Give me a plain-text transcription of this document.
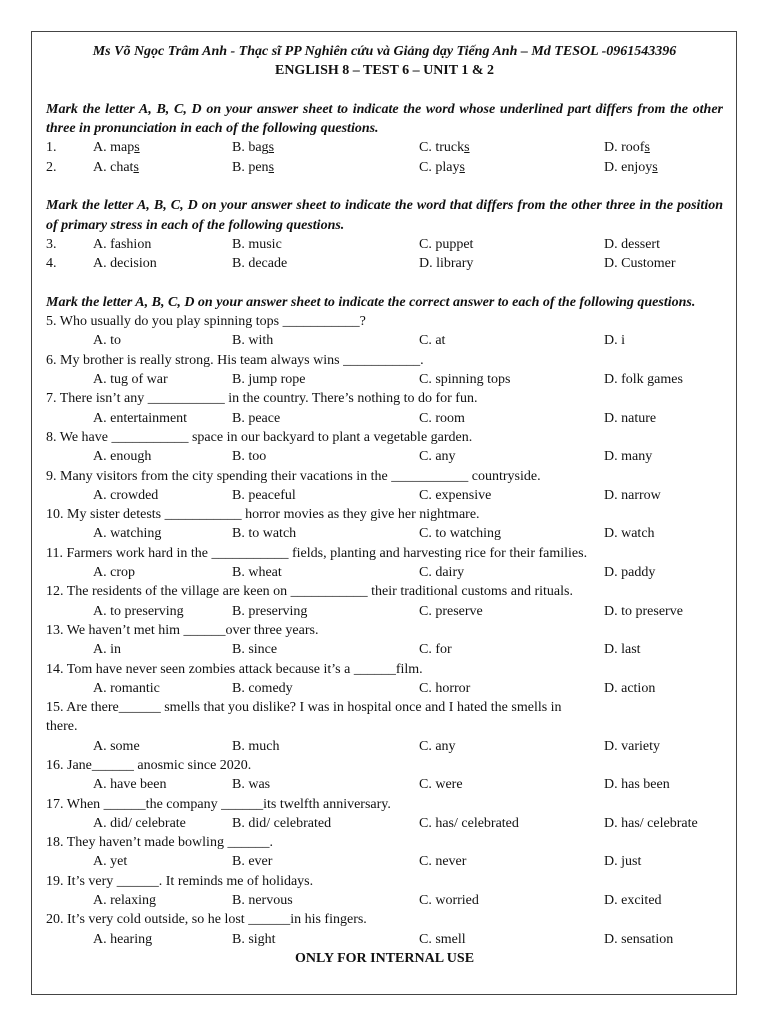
Ms Võ Ngọc Trâm Anh - Thạc sĩ PP Nghiên cứu và Giảng dạy Tiếng Anh – Md TESOL -0961543396
ENGLISH 8 – TEST 6 – UNIT 1 & 2
Mark the letter A, B, C, D on your answer sheet to indicate the word whose underlined part differs from the other three in pronunciation in each of the following questions.
1.	A. maps	B. bags	C. trucks	D. roofs
2.	A. chats	B. pens	C. plays	D. enjoys
Mark the letter A, B, C, D on your answer sheet to indicate the word that differs from the other three in the position of primary stress in each of the following questions.
3.	A. fashion	B. music	C. puppet	D. dessert
4.	A. decision	B. decade	D. library	D. Customer
Mark the letter A, B, C, D on your answer sheet to indicate the correct answer to each of the following questions.
5. Who usually do you play spinning tops ___________?
A. to	B. with	C. at	D. i
6. My brother is really strong. His team always wins ___________.
A. tug of war	B. jump rope	C. spinning tops	D. folk games
7. There isn’t any ___________ in the country. There’s nothing to do for fun.
A. entertainment	B. peace	C. room	D. nature
8. We have ___________ space in our backyard to plant a vegetable garden.
A. enough	B. too	C. any	D. many
9. Many visitors from the city spending their vacations in the ___________ countryside.
A. crowded	B. peaceful	C. expensive	D. narrow
10. My sister detests ___________ horror movies as they give her nightmare.
A. watching	B. to watch	C. to watching	D. watch
11. Farmers work hard in the ___________ fields, planting and harvesting rice for their families.
A. crop	B. wheat	C. dairy	D. paddy
12. The residents of the village are keen on ___________ their traditional customs and rituals.
A. to preserving	B. preserving	C. preserve	D. to preserve
13. We haven’t met him ______over three years.
A. in	B. since	C. for	D. last
14. Tom have never seen zombies attack because it’s a ______film.
A. romantic	B. comedy	C. horror	D. action
15. Are there______ smells that you dislike? I was in hospital once and I hated the smells in there.
A. some	B. much	C. any	D. variety
16. Jane______ anosmic since 2020.
A. have been	B. was	C. were	D. has been
17. When ______the company ______its twelfth anniversary.
A. did/ celebrate	B. did/ celebrated	C. has/ celebrated	D. has/ celebrate
18. They haven’t made bowling ______.
A. yet	B. ever	C. never	D. just
19. It’s very ______. It reminds me of holidays.
A. relaxing	B. nervous	C. worried	D. excited
20. It’s very cold outside, so he lost ______in his fingers.
A. hearing	B. sight	C. smell	D. sensation
ONLY FOR INTERNAL USE
